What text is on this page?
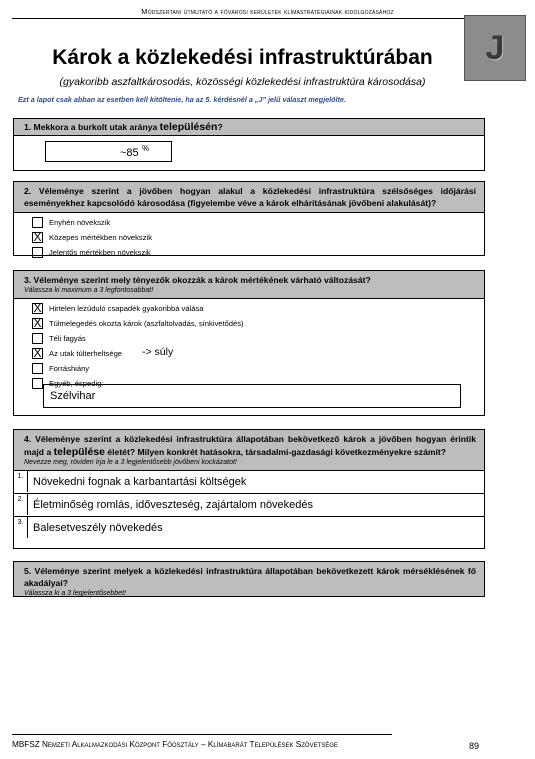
Módszertani útmutató a fővárosi kerületek klímastratégiáinak kidolgozásához
J
Károk a közlekedési infrastruktúrában
(gyakoribb aszfaltkárosodás, közösségi közlekedési infrastruktúra károsodása)
Ezt a lapot csak abban az esetben kell kitöltenie, ha az 5. kérdésnél a „J” jelű választ megjelölte.
1. Mekkora a burkolt utak aránya településén?
~85 %
2. Véleménye szerint a jövőben hogyan alakul a közlekedési infrastruktúra szélsőséges időjárási eseményekhez kapcsolódó károsodása (figyelembe véve a károk elhárításának jövőbeni alakulását)?
Enyhén növekszik
X Közepes mértékben növekszik
Jelentős mértékben növekszik
3. Véleménye szerint mely tényezők okozzák a károk mértékének várható változását?
Válassza ki maximum a 3 legfontosabbat!
X Hirtelen lezúduló csapadék gyakoribbá válása
X Túlmelegedés okozta károk (aszfaltolvadás, sínkivetődés)
Téli fagyás
X Az utak túlterheltsége -> súly
Forráshiány
Egyéb, éspedig:
Szélvihar
4. Véleménye szerint a közlekedési infrastruktúra állapotában bekövetkező károk a jövőben hogyan érintik majd a települése életét? Milyen konkrét hatásokra, társadalmi-gazdasági következményekre számít?
Nevezze meg, röviden írja le a 3 legjelentősebb jövőbeni kockázatot!
1. Növekedni fognak a karbantartási költségek
2. Életminőség romlás, időveszteség, zajártalom növekedés
3. Balesetveszély növekedés
5. Véleménye szerint melyek a közlekedési infrastruktúra állapotában bekövetkezett károk mérséklésének fő akadályai?
Válassza ki a 3 legjelentősebbet!
MBFSZ Nemzeti Alkalmazkodási Központ Főosztály – Klímabarát Települések Szövetsége	89
